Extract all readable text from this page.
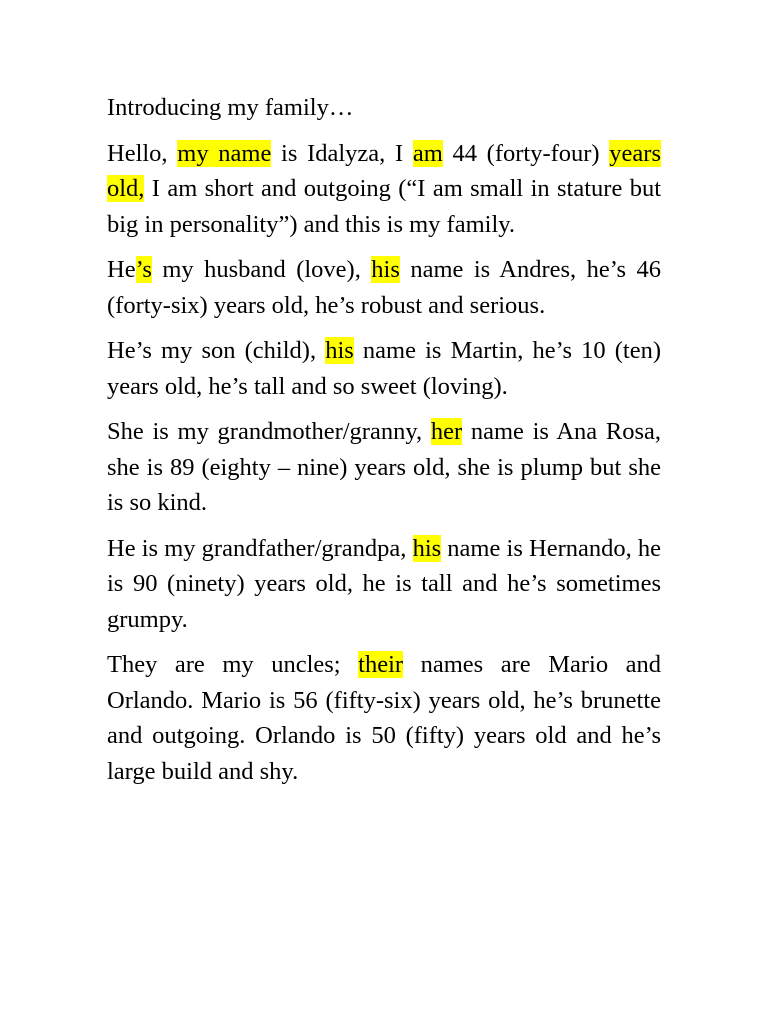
Introducing my family…

Hello, my name is Idalyza, I am 44 (forty-four) years old, I am short and outgoing (“I am small in stature but big in personality”) and this is my family.

He’s my husband (love), his name is Andres, he’s 46 (forty-six) years old, he’s robust and serious.

He’s my son (child), his name is Martin, he’s 10 (ten) years old, he’s tall and so sweet (loving).

She is my grandmother/granny, her name is Ana Rosa, she is 89 (eighty – nine) years old, she is plump but she is so kind.

He is my grandfather/grandpa, his name is Hernando, he is 90 (ninety) years old, he is tall and he’s sometimes grumpy.

They are my uncles; their names are Mario and Orlando. Mario is 56 (fifty-six) years old, he’s brunette and outgoing. Orlando is 50 (fifty) years old and he’s large build and shy.
